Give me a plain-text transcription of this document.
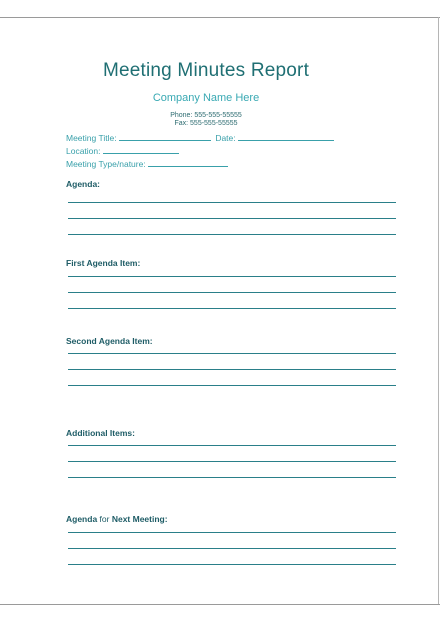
Meeting Minutes Report
Company Name Here
Phone: 555-555-55555
Fax: 555-555-55555
Meeting Title:	Date:
Location:
Meeting Type/nature:
Agenda:
First Agenda Item:
Second Agenda Item:
Additional Items:
Agenda for Next Meeting:
